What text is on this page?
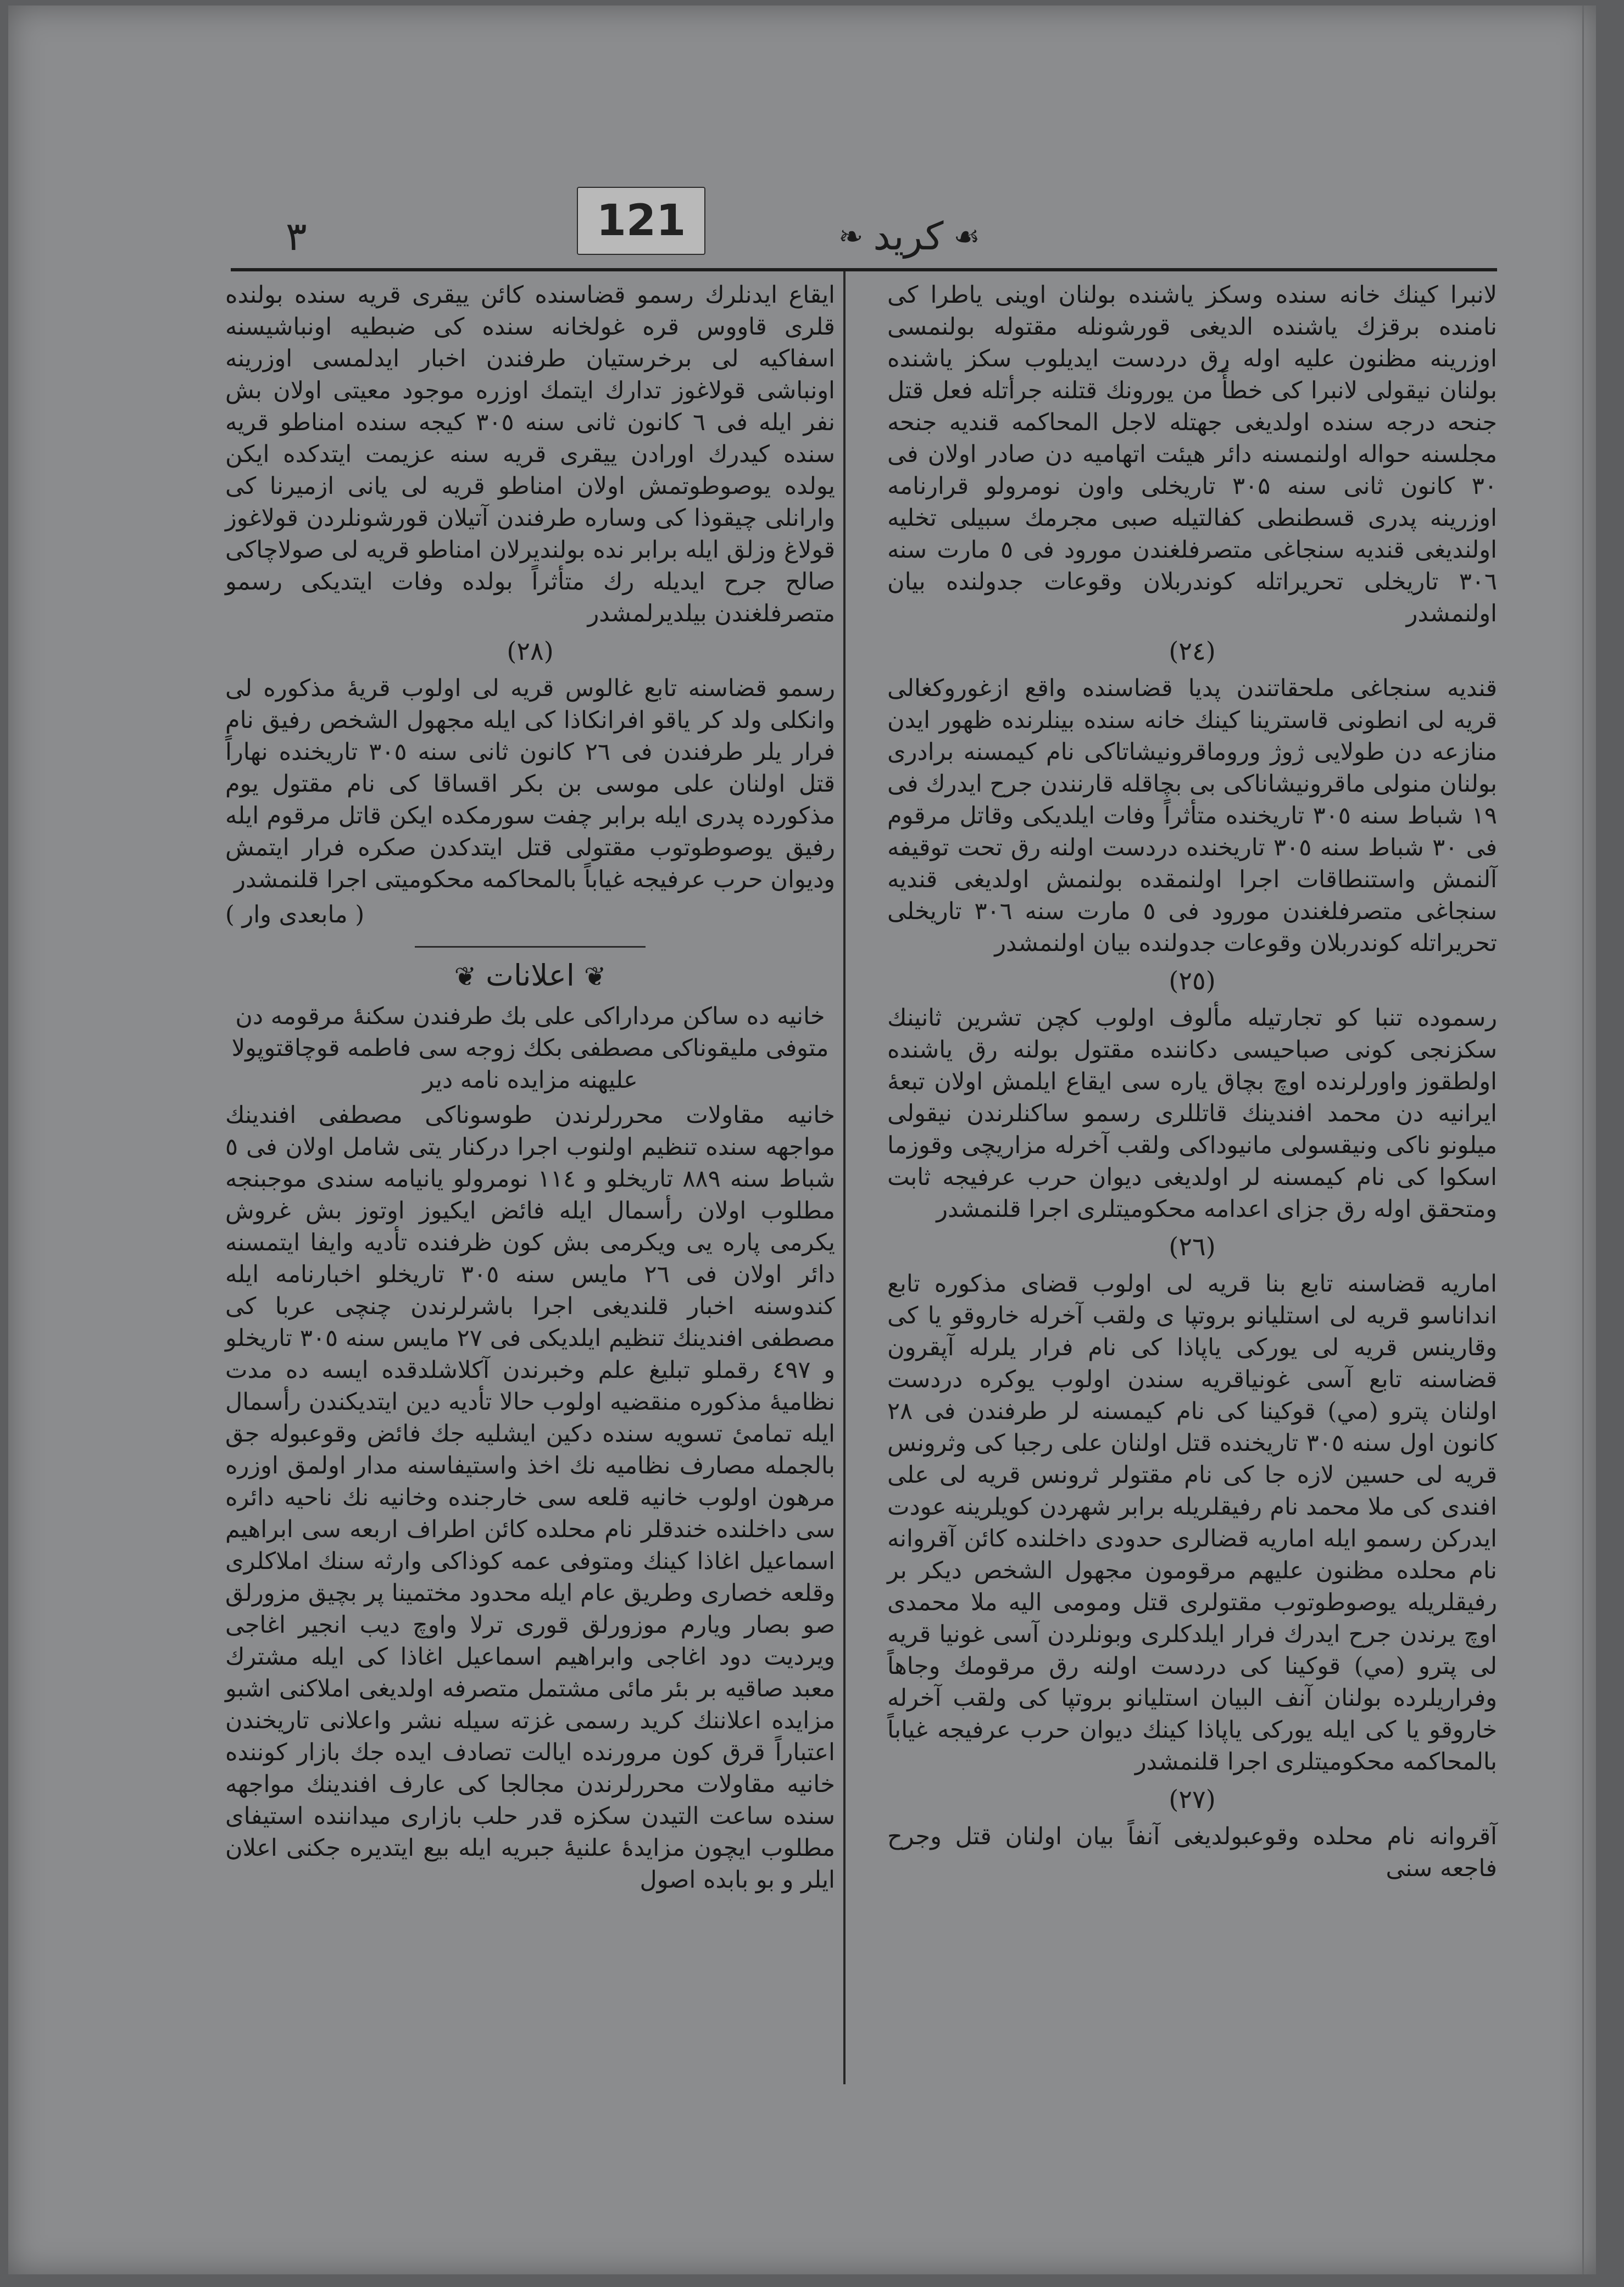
٣	121	☙
کرید
❧

لانبرا کینك خانه سنده وسکز یاشنده بولنان اوینی یاطرا کی نامنده برقزك یاشنده الدیغی قورشونله مقتوله بولنمسی اوزرینه مظنون علیه اوله رق دردست ایدیلوب سکز یاشنده بولنان نیقولی لانبرا کی خطأً من یورونك قتلنه جرأتله فعل قتل جنحه درجه سنده اولدیغی جهتله لاجل المحاکمه قندیه جنحه مجلسنه حواله اولنمسنه دائر هیئت اتهامیه دن صادر اولان فی ۳۰ کانون ثانی سنه ۳۰۵ تاریخلی واون نومرولو قرارنامه اوزرینه پدری قسطنطی کفالتیله صبی مجرمك سبیلی تخلیه اولندیغی قندیه سنجاغی متصرفلغندن مورود فی ٥ مارت سنه ۳۰٦ تاریخلی تحریراتله کوندربلان وقوعات جدولنده بیان اولنمشدر

(٢٤)

قندیه سنجاغی ملحقاتندن پدیا قضاسنده واقع ازغوروکغالی قریه لی انطونی قاسترینا کینك خانه سنده بینلرنده ظهور ایدن منازعه دن طولایی ژوژ وروماقرونیشاتاکی نام کیمسنه برادری بولنان منولی ماقرونیشاناکی بی بچاقله قارنندن جرح ایدرك فی ۱۹ شباط سنه ۳۰٥ تاریخنده متأثراً وفات ایلدیکی وقاتل مرقوم فی ۳۰ شباط سنه ۳۰٥ تاریخنده دردست اولنه رق تحت توقیفه آلنمش واستنطاقات اجرا اولنمقده بولنمش اولدیغی قندیه سنجاغی متصرفلغندن مورود فی ٥ مارت سنه ۳۰٦ تاریخلی تحریراتله کوندربلان وقوعات جدولنده بیان اولنمشدر

(٢٥)

رسموده تنبا کو تجارتیله مألوف اولوب کچن تشرین ثانینك سکزنجی کونی صباحیسی دکاننده مقتول بولنه رق یاشنده اولطقوز واورلرنده اوچ بچاق یاره سی ایقاع ایلمش اولان تبعهٔ ایرانیه دن محمد افندینك قاتللری رسمو ساکنلرندن نیقولی میلونو ناکی ونیقسولی مانیوداکی ولقب آخرله مزاریچی وقوزما اسکوا کی نام کیمسنه لر اولدیغی دیوان حرب عرفیجه ثابت ومتحقق اوله رق جزای اعدامه محکومیتلری اجرا قلنمشدر

(٢٦)

اماریه قضاسنه تابع بنا قریه لی اولوب قضای مذکوره تابع انداناسو قریه لی استلیانو بروتپا ی ولقب آخرله خاروقو یا کی وقارینس قریه لی یورکی یاپاذا کی نام فرار یلرله آپقرون قضاسنه تابع آسی غونیاقریه سندن اولوب یوکره دردست اولنان پترو (مي) قوکینا کی نام کیمسنه لر طرفندن فی ۲۸ کانون اول سنه ۳۰٥ تاریخنده قتل اولنان علی رجبا کی وثرونس قریه لی حسین لازه جا کی نام مقتولر ثرونس قریه لی علی افندی کی ملا محمد نام رفیقلریله برابر شهردن کویلرینه عودت ایدرکن رسمو ایله اماریه قضالری حدودی داخلنده کائن آقروانه نام محلده مظنون علیهم مرقومون مجهول الشخص دیکر بر رفیقلریله یوصوطوتوب مقتولری قتل ومومی الیه ملا محمدی اوچ یرندن جرح ایدرك فرار ایلدکلری وبونلردن آسی غونیا قریه لی پترو (مي) قوکینا کی دردست اولنه رق مرقومك وجاهاً وفراریلرده بولنان آنف البیان استلیانو بروتپا کی ولقب آخرله خاروقو یا کی ایله یورکی یاپاذا کینك دیوان حرب عرفیجه غیاباً بالمحاکمه محکومیتلری اجرا قلنمشدر

(٢٧)

آقروانه نام محلده وقوعبولدیغی آنفاً بیان اولنان قتل وجرح فاجعه سنی

ایقاع ایدنلرك رسمو قضاسنده کائن ییقری قریه سنده بولنده قلری قاووس قره غولخانه سنده کی ضبطیه اونباشیسنه اسفاکیه لی برخرستیان طرفندن اخبار ایدلمسی اوزرینه اونباشی قولاغوز تدارك ایتمك اوزره موجود معیتی اولان بش نفر ایله فی ٦ کانون ثانی سنه ۳۰٥ کیجه سنده امناطو قریه سنده کیدرك اورادن ییقری قریه سنه عزیمت ایتدکده ایکن یولده یوصوطوتمش اولان امناطو قریه لی یانی ازمیرنا کی وارانلی چیقوذا کی وساره طرفندن آتیلان قورشونلردن قولاغوز قولاغ وزلق ایله برابر نده بولندیرلان امناطو قریه لی صولاچاکی صالح جرح ایدیله رك متأثراً بولده وفات ایتدیکی رسمو متصرفلغندن بیلدیرلمشدر

(٢٨)

رسمو قضاسنه تابع غالوس قریه لی اولوب قریهٔ مذکوره لی وانکلی ولد کر یاقو افرانکاذا کی ایله مجهول الشخص رفیق نام فرار یلر طرفندن فی ۲٦ کانون ثانی سنه ۳۰٥ تاریخنده نهاراً قتل اولنان علی موسی بن بکر اقساقا کی نام مقتول یوم مذکورده پدری ایله برابر چفت سورمکده ایکن قاتل مرقوم ایله رفیق یوصوطوتوب مقتولی قتل ایتدکدن صکره فرار ایتمش ودیوان حرب عرفیجه غیاباً بالمحاکمه محکومیتی اجرا قلنمشدر

( مابعدی وار )
❦ اعلانات ❦

خانیه ده ساکن مرداراکی علی بك طرفندن سکنهٔ مرقومه دن متوفی ملیقوناکی مصطفی بكك زوجه سی فاطمه قوچاقتوپولا علیهنه مزایده نامه دیر

خانیه مقاولات محررلرندن طوسوناکی مصطفی افندینك مواجهه سنده تنظیم اولنوب اجرا درکنار یتی شامل اولان فی ٥ شباط سنه ۸۸۹ تاریخلو و ۱۱٤ نومرولو یانیامه سندی موجبنجه مطلوب اولان رأسمال ایله فائض ایکیوز اوتوز بش غروش یکرمی پاره یی ویکرمی بش کون ظرفنده تأدیه وایفا ایتمسنه دائر اولان فی ۲٦ مایس سنه ۳۰٥ تاریخلو اخبارنامه ایله کندوسنه اخبار قلندیغی اجرا باشرلرندن چنچی عربا کی مصطفی افندینك تنظیم ایلدیکی فی ۲۷ مایس سنه ۳۰٥ تاریخلو و ٤٩٧ رقملو تبلیغ علم وخبرندن آکلاشلدقده ایسه ده مدت نظامیهٔ مذکوره منقضیه اولوب حالا تأدیه دین ایتدیکندن رأسمال ایله تمامیٔ تسویه سنده دکین ایشلیه جك فائض وقوعبوله جق بالجمله مصارف نظامیه نك اخذ واستیفاسنه مدار اولمق اوزره مرهون اولوب خانیه قلعه سی خارجنده وخانیه نك ناحیه دائره سی داخلنده خندقلر نام محلده کائن اطراف اربعه سی ابراهیم اسماعیل اغاذا کینك ومتوفی عمه کوذاکی وارثه سنك املاکلری وقلعه خصاری وطریق عام ایله محدود مختمینا پر بچیق مزورلق صو بصار ویارم موزورلق قوری ترلا واوچ دیب انجیر اغاجی ویردیت دود اغاجی وابراهیم اسماعیل اغاذا کی ایله مشترك معبد صاقیه بر بئر مائی مشتمل متصرفه اولدیغی املاکنی اشبو مزایده اعلاننك کرید رسمی غزته سیله نشر واعلانی تاریخندن اعتباراً قرق کون مرورنده ایالت تصادف ایده جك بازار کوننده خانیه مقاولات محررلرندن مجالجا کی عارف افندینك مواجهه سنده ساعت التیدن سکزه قدر حلب بازاری میداننده استیفای مطلوب ایچون مزایدهٔ علنیهٔ جبریه ایله بیع ایتدیره جکنی اعلان ایلر و بو بابده اصول
